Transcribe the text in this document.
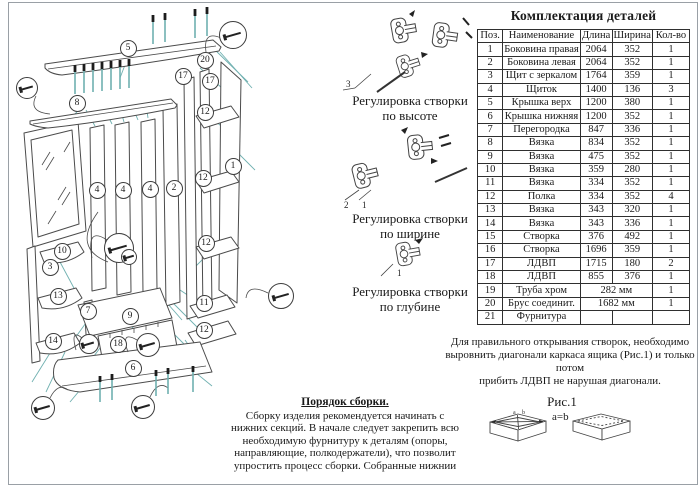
5
20
17	17
8
12
1
12
4	4	4	2
12
10
3
13
11
7	9
12
14	18
6
3
2 1
1
Регулировка створки
по высоте
Регулировка створки
по ширине
Регулировка створки
по глубине
Комплектация деталей
Поз.	Наименование	Длина	Ширина	Кол-во
1	Боковина правая	2064	352	1
2	Боковина левая	2064	352	1
3	Щит с зеркалом	1764	359	1
4	Щиток	1400	136	3
5	Крышка верх	1200	380	1
6	Крышка нижняя	1200	352	1
7	Перегородка	847	336	1
8	Вязка	834	352	1
9	Вязка	475	352	1
10	Вязка	359	280	1
11	Вязка	334	352	1
12	Полка	334	352	4
13	Вязка	343	320	1
14	Вязка	343	336	1
15	Створка	376	492	1
16	Створка	1696	359	1
17	ЛДВП	1715	180	2
18	ЛДВП	855	376	1
19	Труба хром	282 мм		1
20	Брус соединит.	1682 мм		1
21	Фурнитура			
Для правильного открывания створок, необходимо
выровнить диагонали каркаса ящика (Рис.1) и только потом
прибить ЛДВП не нарушая диагонали.
Рис.1
a=b
a b
Порядок сборки.
Сборку изделия рекомендуется начинать с
нижних секций. В начале следует закрепить всю
необходимую фурнитуру к деталям (опоры,
направляющие, полкодержатели), что позволит
упростить процесс сборки. Собранные нижнии
